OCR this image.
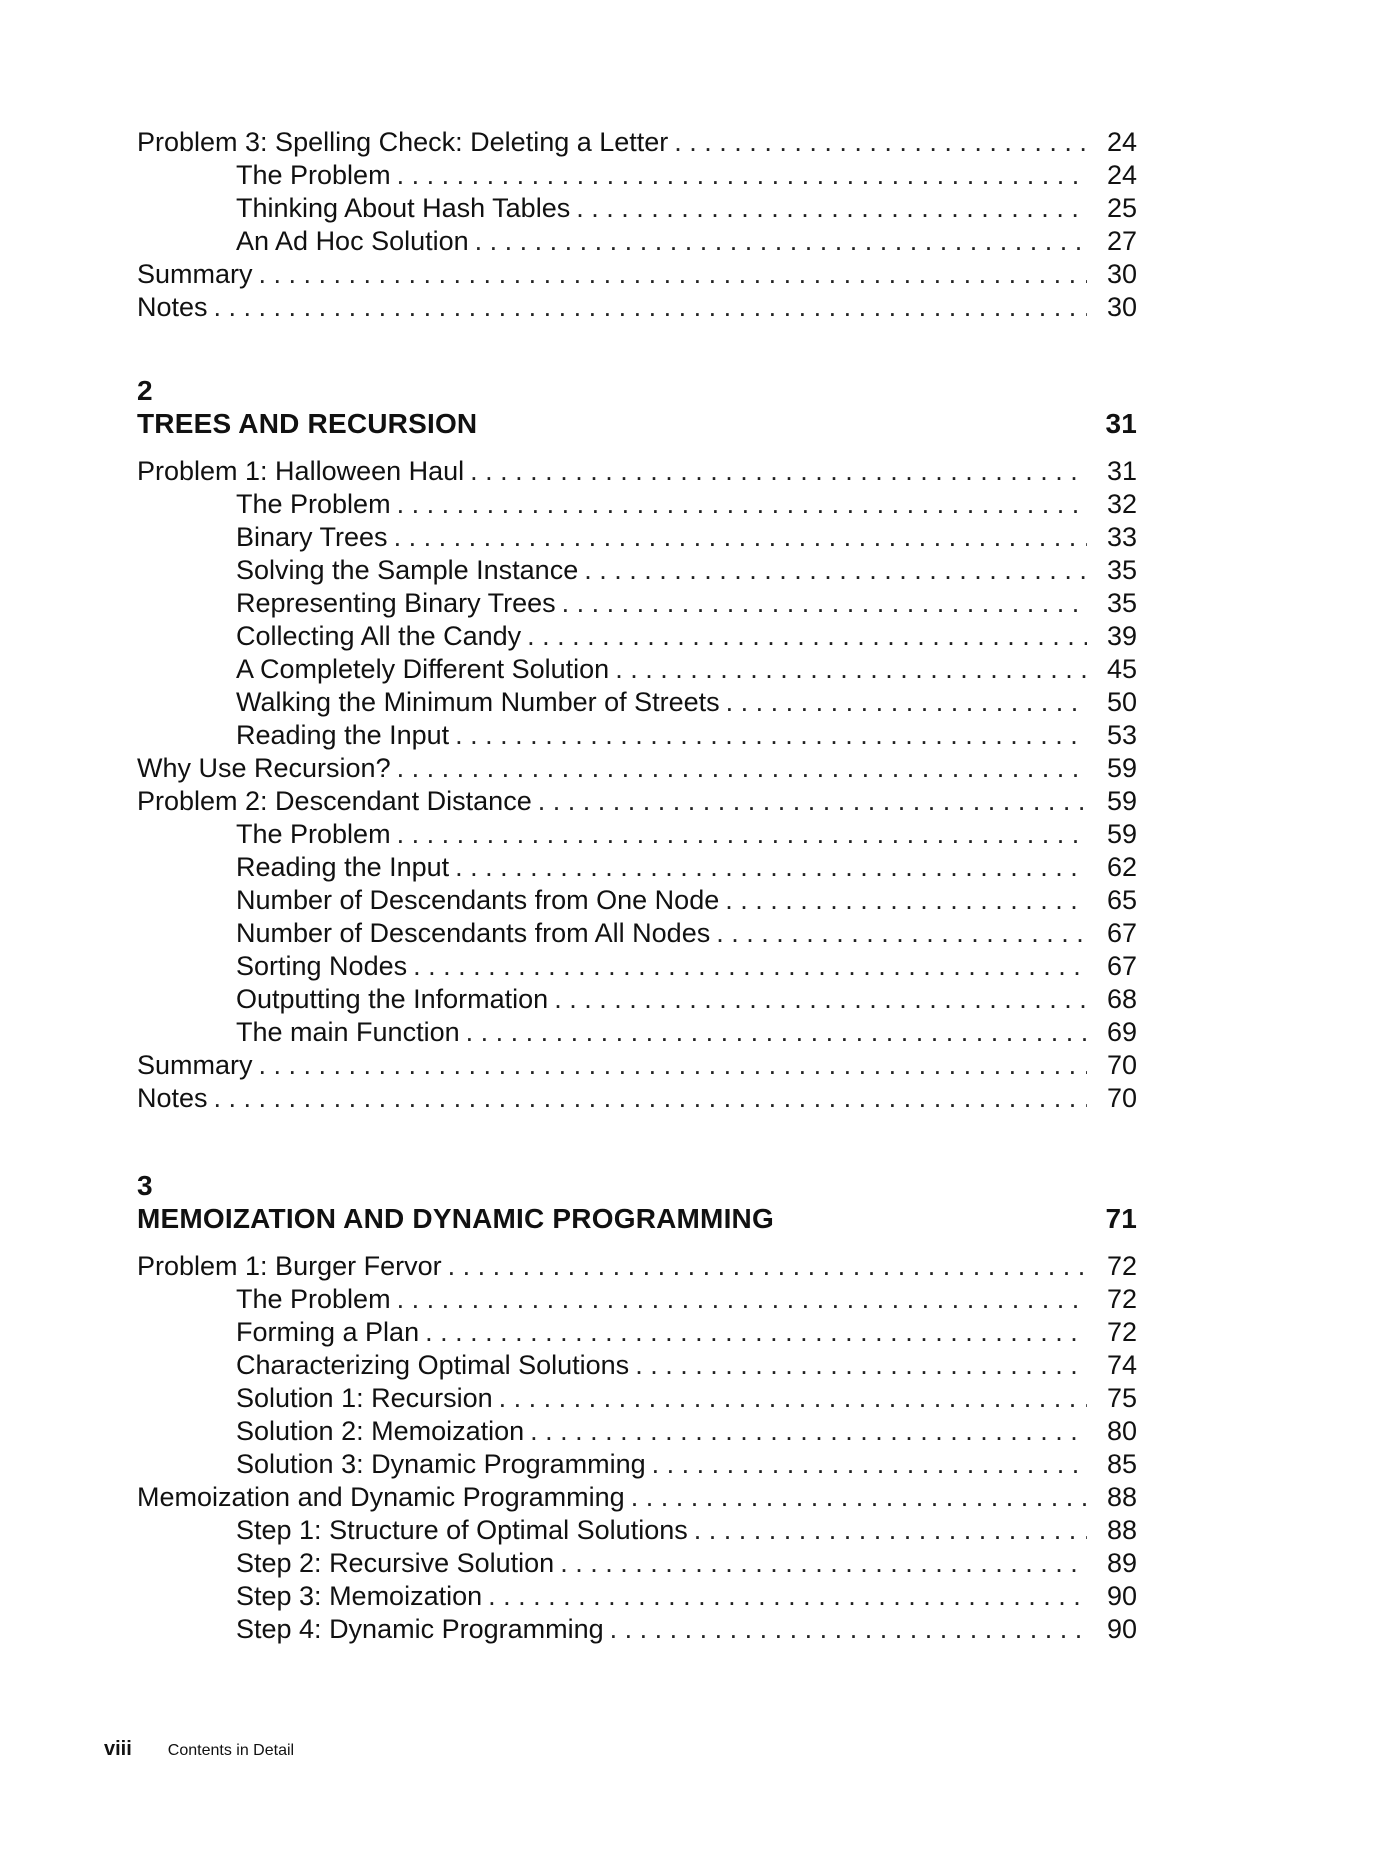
Problem 3: Spelling Check: Deleting a Letter . . .	24
The Problem . . .	24
Thinking About Hash Tables . . .	25
An Ad Hoc Solution . . .	27
Summary . . .	30
Notes . . .	30
2
TREES AND RECURSION	31
Problem 1: Halloween Haul . . .	31
The Problem . . .	32
Binary Trees . . .	33
Solving the Sample Instance . . .	35
Representing Binary Trees . . .	35
Collecting All the Candy . . .	39
A Completely Different Solution . . .	45
Walking the Minimum Number of Streets . . .	50
Reading the Input . . .	53
Why Use Recursion? . . .	59
Problem 2: Descendant Distance . . .	59
The Problem . . .	59
Reading the Input . . .	62
Number of Descendants from One Node . . .	65
Number of Descendants from All Nodes . . .	67
Sorting Nodes . . .	67
Outputting the Information . . .	68
The main Function . . .	69
Summary . . .	70
Notes . . .	70
3
MEMOIZATION AND DYNAMIC PROGRAMMING	71
Problem 1: Burger Fervor . . .	72
The Problem . . .	72
Forming a Plan . . .	72
Characterizing Optimal Solutions . . .	74
Solution 1: Recursion . . .	75
Solution 2: Memoization . . .	80
Solution 3: Dynamic Programming . . .	85
Memoization and Dynamic Programming . . .	88
Step 1: Structure of Optimal Solutions . . .	88
Step 2: Recursive Solution . . .	89
Step 3: Memoization . . .	90
Step 4: Dynamic Programming . . .	90
viii Contents in Detail
